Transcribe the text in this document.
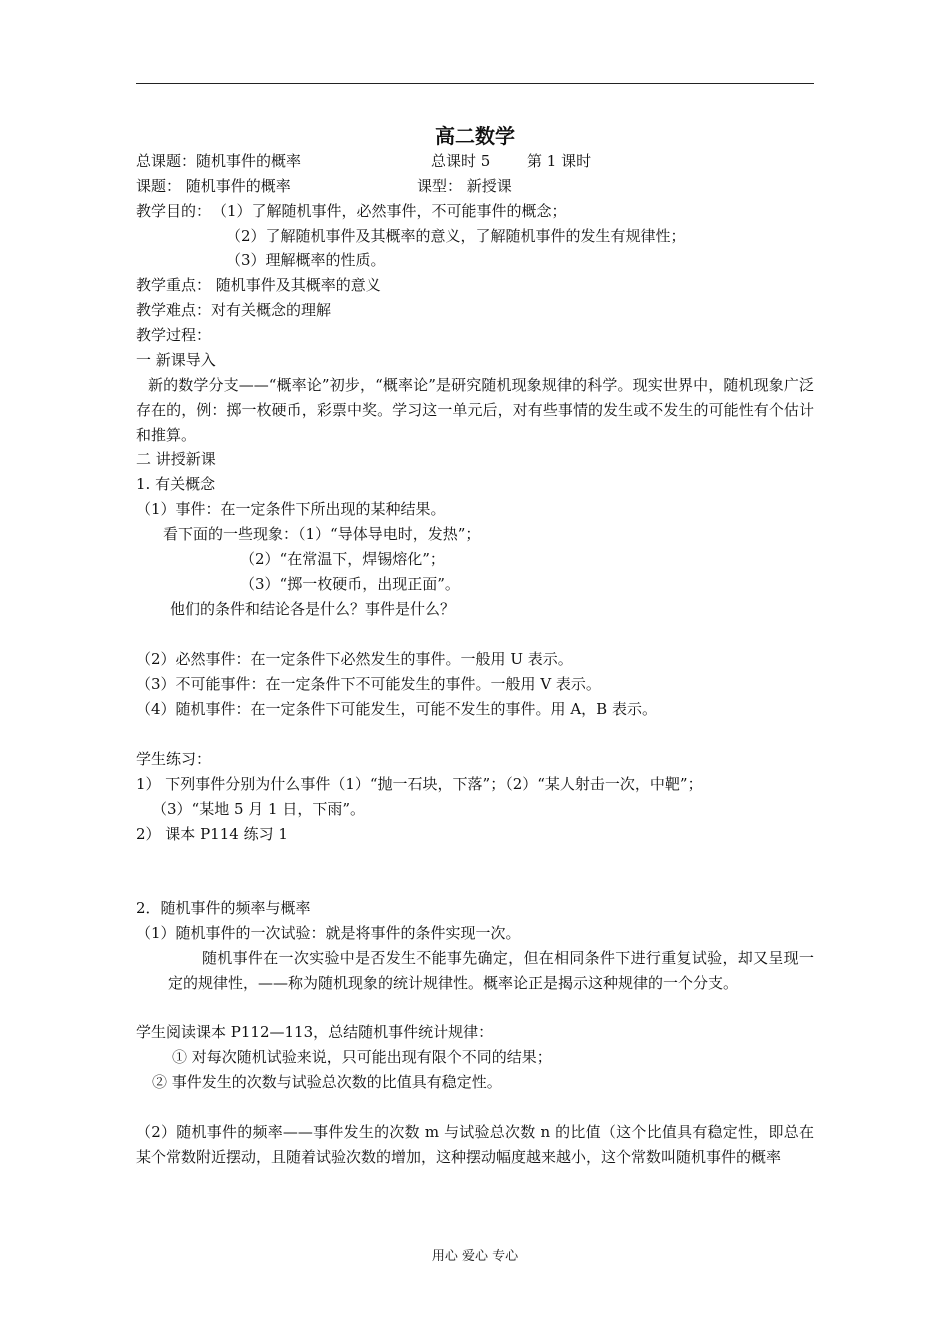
高二数学
总课题：随机事件的概率	总课时 5 第 1 课时
课题： 随机事件的概率	课型： 新授课
教学目的： （1）了解随机事件，必然事件，不可能事件的概念；
（2）了解随机事件及其概率的意义，了解随机事件的发生有规律性；
（3）理解概率的性质。
教学重点： 随机事件及其概率的意义
教学难点：对有关概念的理解
教学过程：
一 新课导入
新的数学分支——“概率论”初步，“概率论”是研究随机现象规律的科学。现实世界中，随机现象广泛存在的，例：掷一枚硬币，彩票中奖。学习这一单元后，对有些事情的发生或不发生的可能性有个估计和推算。
二 讲授新课
1. 有关概念
（1）事件：在一定条件下所出现的某种结果。
看下面的一些现象：（1）“导体导电时，发热”；
（2）“在常温下，焊锡熔化”；
（3）“掷一枚硬币，出现正面”。
他们的条件和结论各是什么？事件是什么？
（2）必然事件：在一定条件下必然发生的事件。一般用 U 表示。
（3）不可能事件：在一定条件下不可能发生的事件。一般用 V 表示。
（4）随机事件：在一定条件下可能发生，可能不发生的事件。用 A，B 表示。
学生练习：
1） 下列事件分别为什么事件（1）“抛一石块，下落”；（2）“某人射击一次，中靶”；
（3）“某地 5 月 1 日，下雨”。
2） 课本 P114 练习 1
2．随机事件的频率与概率
（1）随机事件的一次试验：就是将事件的条件实现一次。
随机事件在一次实验中是否发生不能事先确定，但在相同条件下进行重复试验，却又呈现一定的规律性，——称为随机现象的统计规律性。概率论正是揭示这种规律的一个分支。
学生阅读课本 P112—113，总结随机事件统计规律：
① 对每次随机试验来说，只可能出现有限个不同的结果；
② 事件发生的次数与试验总次数的比值具有稳定性。
（2）随机事件的频率——事件发生的次数 m 与试验总次数 n 的比值（这个比值具有稳定性，即总在某个常数附近摆动，且随着试验次数的增加，这种摆动幅度越来越小，这个常数叫随机事件的概率
用心 爱心 专心
